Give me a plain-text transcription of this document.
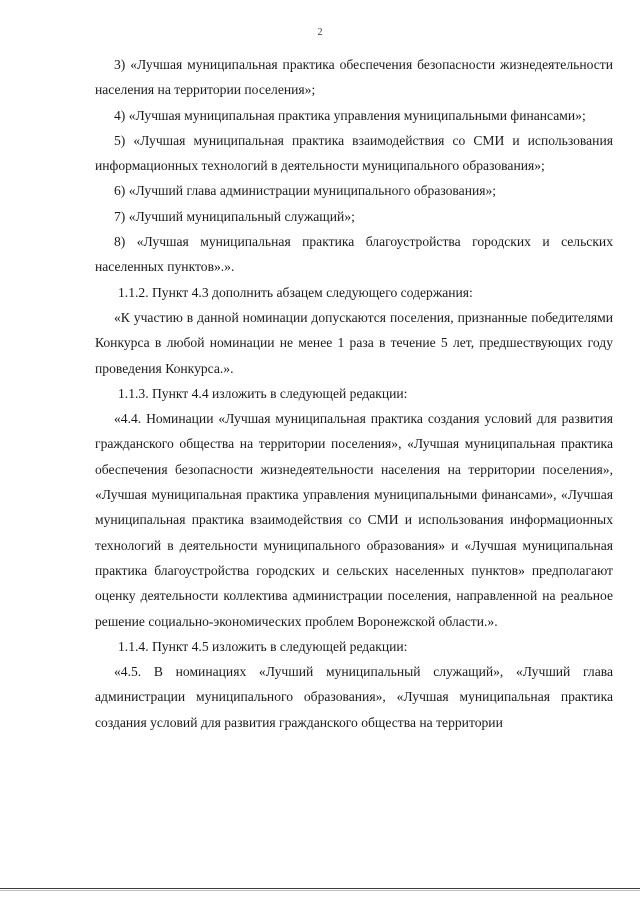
2

3) «Лучшая муниципальная практика обеспечения безопасности жизнедеятельности населения на территории поселения»;

4) «Лучшая муниципальная практика управления муниципальными финансами»;

5) «Лучшая муниципальная практика взаимодействия со СМИ и использования информационных технологий в деятельности муниципального образования»;

6) «Лучший глава администрации муниципального образования»;

7) «Лучший муниципальный служащий»;

8) «Лучшая муниципальная практика благоустройства городских и сельских населенных пунктов».».

1.1.2. Пункт 4.3 дополнить абзацем следующего содержания:

«К участию в данной номинации допускаются поселения, признанные победителями Конкурса в любой номинации не менее 1 раза в течение 5 лет, предшествующих году проведения Конкурса.».

1.1.3. Пункт 4.4 изложить в следующей редакции:

«4.4. Номинации «Лучшая муниципальная практика создания условий для развития гражданского общества на территории поселения», «Лучшая муниципальная практика обеспечения безопасности жизнедеятельности населения на территории поселения», «Лучшая муниципальная практика управления муниципальными финансами», «Лучшая муниципальная практика взаимодействия со СМИ и использования информационных технологий в деятельности муниципального образования» и «Лучшая муниципальная практика благоустройства городских и сельских населенных пунктов» предполагают оценку деятельности коллектива администрации поселения, направленной на реальное решение социально-экономических проблем Воронежской области.».

1.1.4. Пункт 4.5 изложить в следующей редакции:

«4.5. В номинациях «Лучший муниципальный служащий», «Лучший глава администрации муниципального образования», «Лучшая муниципальная практика создания условий для развития гражданского общества на территории
